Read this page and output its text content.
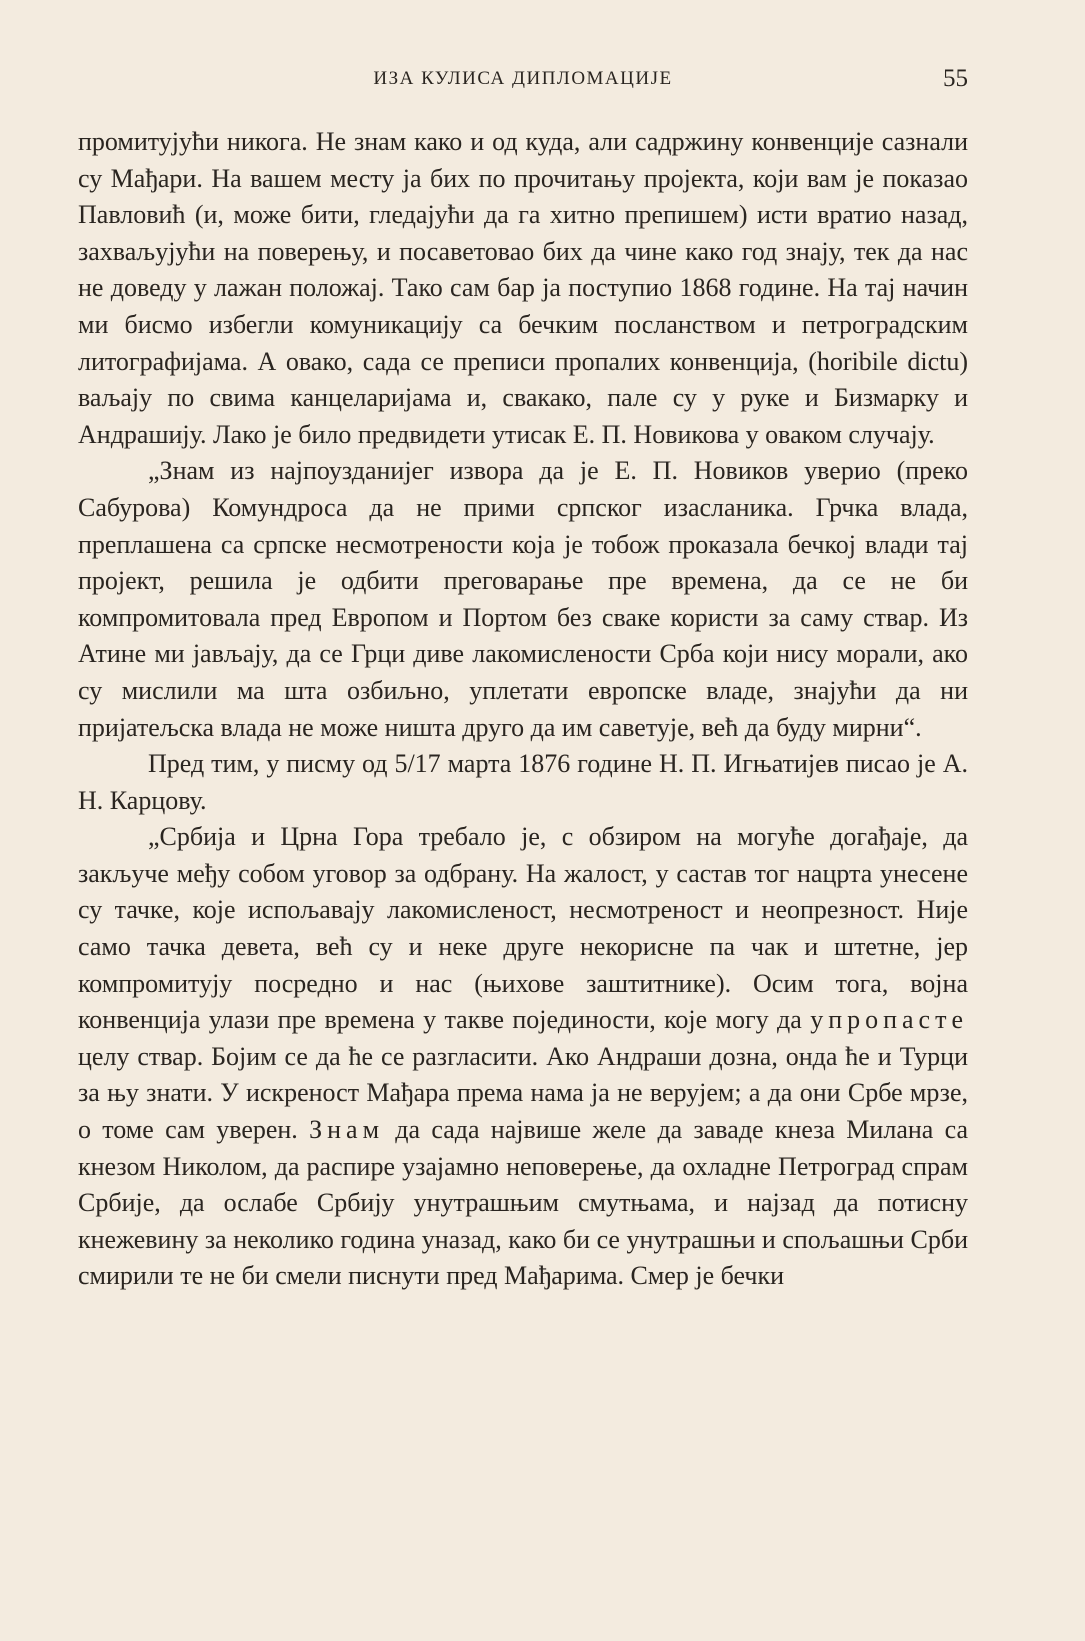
ИЗА КУЛИСА ДИПЛОМАЦИЈЕ	55

промитујући никога. Не знам како и од куда, али садржину конвенције сазнали су Мађари. На вашем месту ја бих по прочитању пројекта, који вам је показао Павловић (и, може бити, гледајући да га хитно препишем) исти вратио назад, захваљујући на поверењу, и посаветовао бих да чине како год знају, тек да нас не доведу у лажан положај. Тако сам бар ја поступио 1868 године. На тај начин ми бисмо избегли комуникацију са бечким посланством и петроградским литографијама. А овако, сада се преписи пропалих конвенција, (horibile dictu) ваљају по свима канцеларијама и, свакако, пале су у руке и Бизмарку и Андрашију. Лако је било предвидети утисак Е. П. Новикова у оваком случају.

„Знам из најпоузданијег извора да је Е. П. Новиков уверио (преко Сабурова) Комундроса да не прими српског изасланика. Грчка влада, преплашена са српске несмотрености која је тобож проказала бечкој влади тај пројект, решила је одбити преговарање пре времена, да се не би компромитовала пред Европом и Портом без сваке користи за саму ствар. Из Атине ми јављају, да се Грци диве лакомислености Срба који нису морали, ако су мислили ма шта озбиљно, уплетати европске владе, знајући да ни пријатељска влада не може ништа друго да им саветује, већ да буду мирни“.

Пред тим, у писму од 5/17 марта 1876 године Н. П. Игњатијев писао је А. Н. Карцову.

„Србија и Црна Гора требало је, с обзиром на могуће догађаје, да закључе међу собом уговор за одбрану. На жалост, у састав тог нацрта унесене су тачке, које испољавају лакомисленост, несмотреност и неопрезност. Није само тачка девета, већ су и неке друге некорисне па чак и штетне, јер компромитују посредно и нас (њихове заштитнике). Осим тога, војна конвенција улази пре времена у такве појединости, које могу да упропасте целу ствар. Бојим се да ће се разгласити. Ако Андраши дозна, онда ће и Турци за њу знати. У искреност Мађара према нама ја не верујем; а да они Србе мрзе, о томе сам уверен. Знам да сада највише желе да заваде кнеза Милана са кнезом Николом, да распире узајамно неповерење, да охладне Петроград спрам Србије, да ослабе Србију унутрашњим смутњама, и најзад да потисну кнежевину за неколико година уназад, како би се унутрашњи и спољашњи Срби смирили те не би смели писнути пред Мађарима. Смер је бечки
